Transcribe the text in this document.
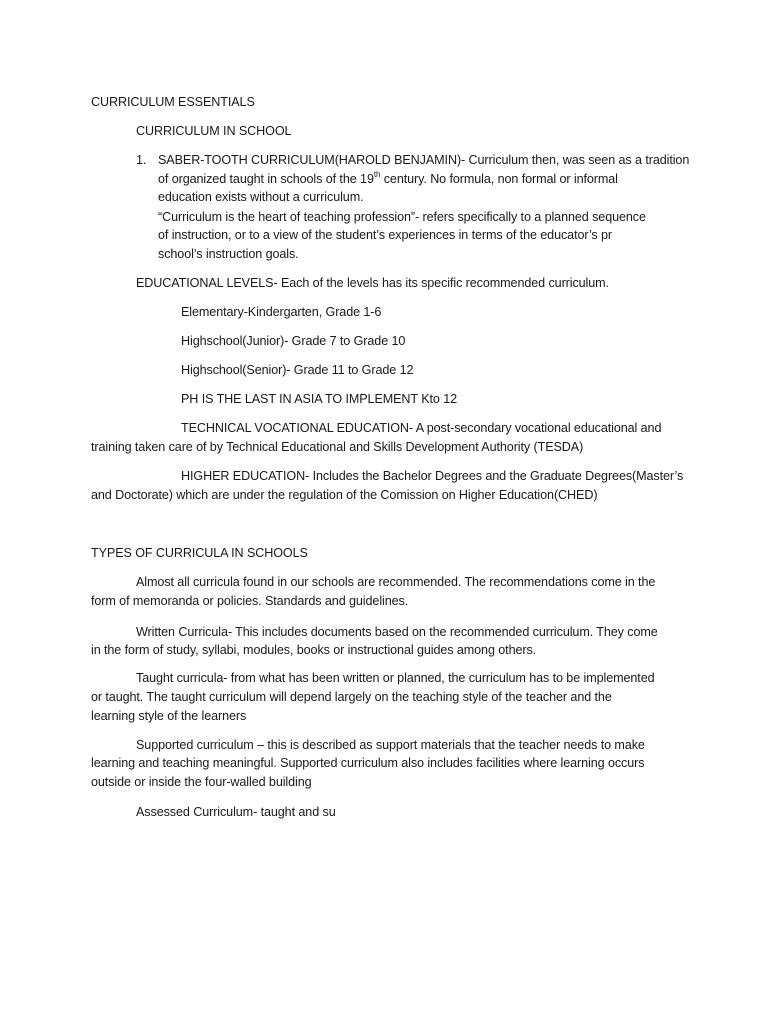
CURRICULUM ESSENTIALS
CURRICULUM IN SCHOOL
1. SABER-TOOTH CURRICULUM(HAROLD BENJAMIN)- Curriculum then, was seen as a tradition
of organized taught in schools of the 19th century. No formula, non formal or informal
education exists without a curriculum.
“Curriculum is the heart of teaching profession”- refers specifically to a planned sequence
of instruction, or to a view of the student’s experiences in terms of the educator’s pr
school’s instruction goals.
EDUCATIONAL LEVELS- Each of the levels has its specific recommended curriculum.
Elementary-Kindergarten, Grade 1-6
Highschool(Junior)- Grade 7 to Grade 10
Highschool(Senior)- Grade 11 to Grade 12
PH IS THE LAST IN ASIA TO IMPLEMENT Kto 12
TECHNICAL VOCATIONAL EDUCATION- A post-secondary vocational educational and
training taken care of by Technical Educational and Skills Development Authority (TESDA)
HIGHER EDUCATION- Includes the Bachelor Degrees and the Graduate Degrees(Master’s
and Doctorate) which are under the regulation of the Comission on Higher Education(CHED)
TYPES OF CURRICULA IN SCHOOLS
Almost all curricula found in our schools are recommended. The recommendations come in the
form of memoranda or policies. Standards and guidelines.
Written Curricula- This includes documents based on the recommended curriculum. They come
in the form of study, syllabi, modules, books or instructional guides among others.
Taught curricula- from what has been written or planned, the curriculum has to be implemented
or taught. The taught curriculum will depend largely on the teaching style of the teacher and the
learning style of the learners
Supported curriculum – this is described as support materials that the teacher needs to make
learning and teaching meaningful. Supported curriculum also includes facilities where learning occurs
outside or inside the four-walled building
Assessed Curriculum- taught and su
